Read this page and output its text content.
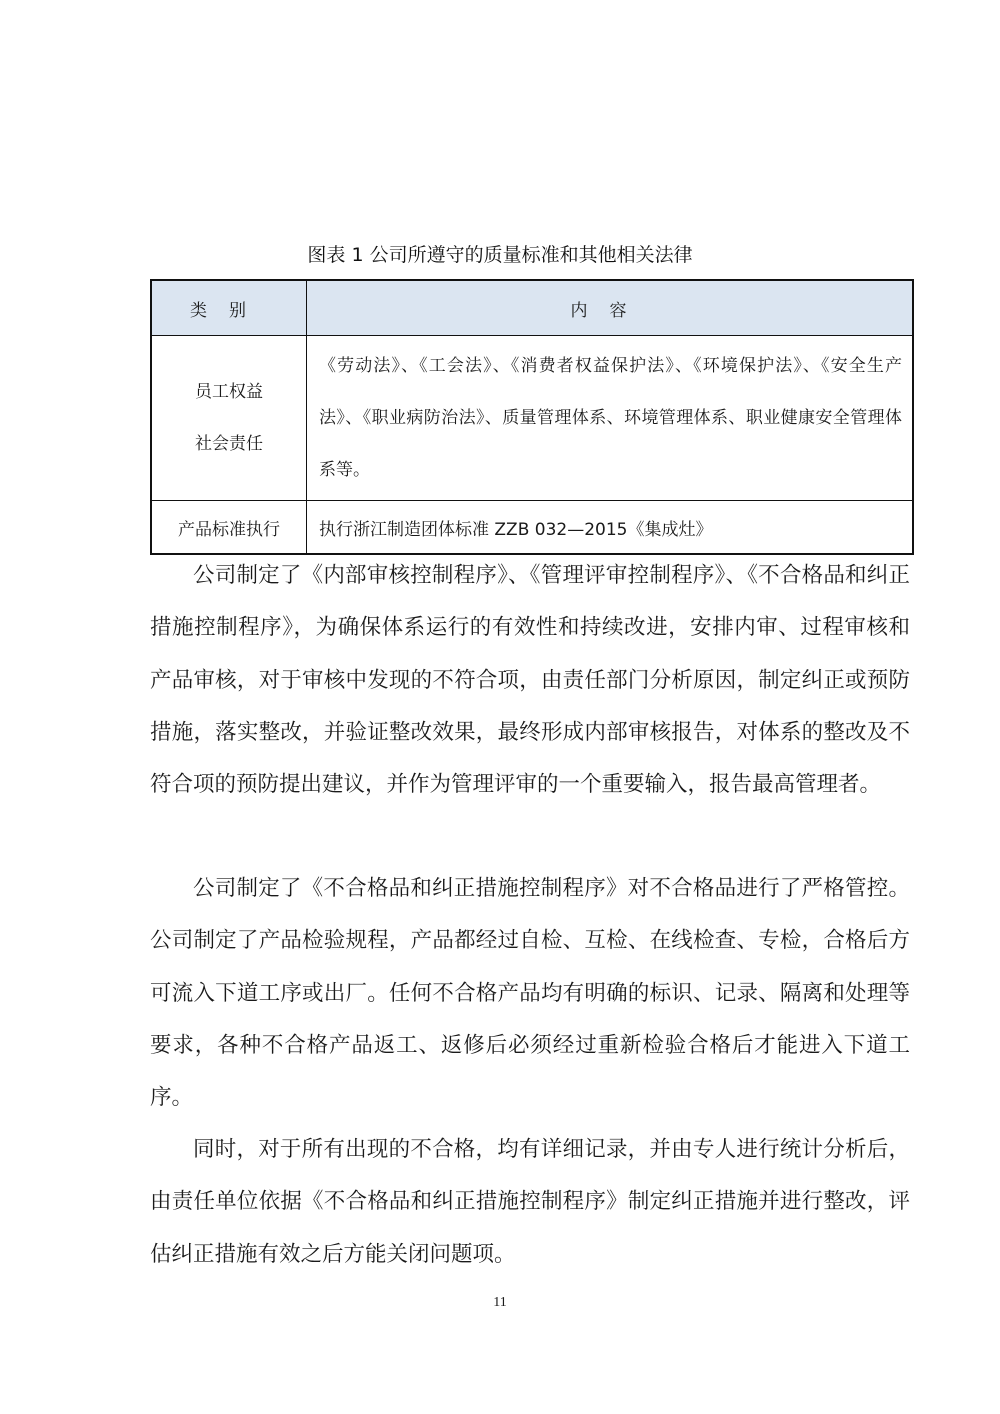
图表 1 公司所遵守的质量标准和其他相关法律
类别	内容

员工权益
社会责任	《劳动法》、《工会法》、《消费者权益保护法》、《环境保护法》、《安全生产法》、《职业病防治法》、质量管理体系、环境管理体系、职业健康安全管理体系等。
产品标准执行	执行浙江制造团体标准 ZZB 032—2015《集成灶》

公司制定了《内部审核控制程序》、《管理评审控制程序》、《不合格品和纠正措施控制程序》，为确保体系运行的有效性和持续改进，安排内审、过程审核和产品审核，对于审核中发现的不符合项，由责任部门分析原因，制定纠正或预防措施，落实整改，并验证整改效果，最终形成内部审核报告，对体系的整改及不符合项的预防提出建议，并作为管理评审的一个重要输入，报告最高管理者。

公司制定了《不合格品和纠正措施控制程序》对不合格品进行了严格管控。公司制定了产品检验规程，产品都经过自检、互检、在线检查、专检，合格后方可流入下道工序或出厂。任何不合格产品均有明确的标识、记录、隔离和处理等要求，各种不合格产品返工、返修后必须经过重新检验合格后才能进入下道工序。

同时，对于所有出现的不合格，均有详细记录，并由专人进行统计分析后，由责任单位依据《不合格品和纠正措施控制程序》制定纠正措施并进行整改，评估纠正措施有效之后方能关闭问题项。

11
